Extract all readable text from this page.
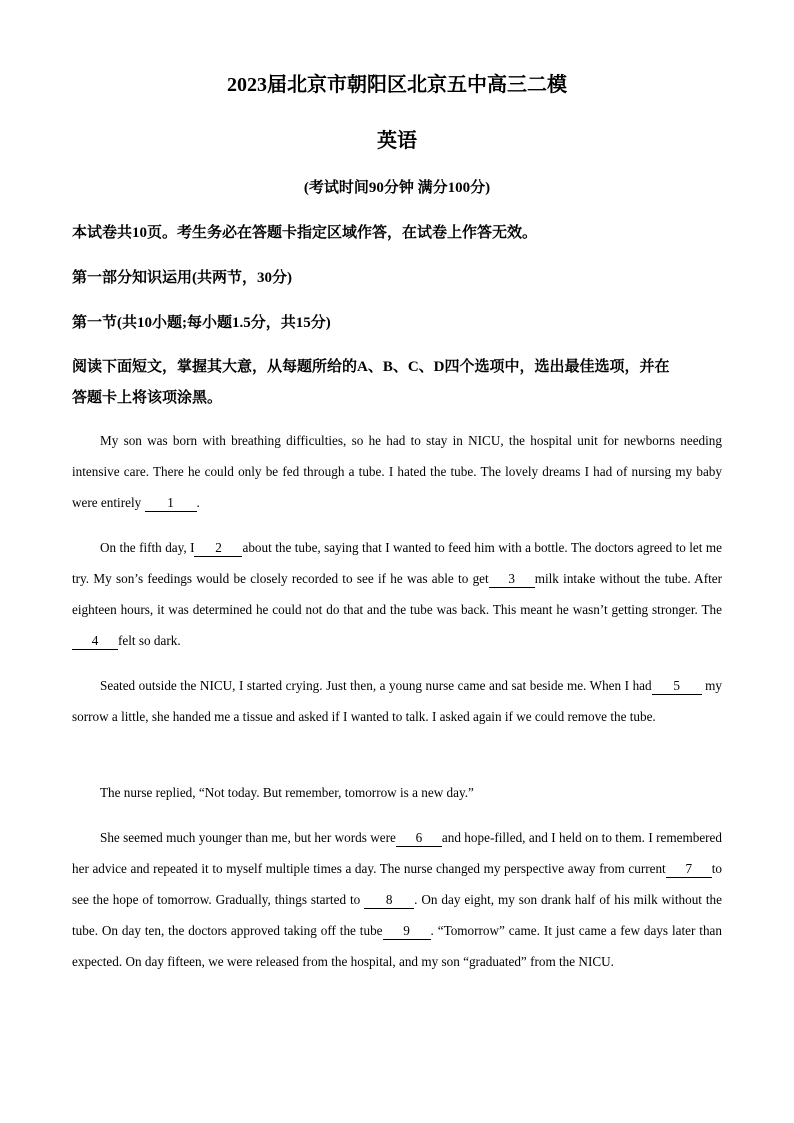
2023届北京市朝阳区北京五中高三二模
英语
(考试时间90分钟 满分100分)
本试卷共10页。考生务必在答题卡指定区域作答，在试卷上作答无效。
第一部分知识运用(共两节，30分)
第一节(共10小题;每小题1.5分，共15分)
阅读下面短文，掌握其大意，从每题所给的A、B、C、D四个选项中，选出最佳选项，并在
答题卡上将该项涂黑。
My son was born with breathing difficulties, so he had to stay in NICU, the hospital unit for newborns needing intensive care. There he could only be fed through a tube. I hated the tube. The lovely dreams I had of nursing my baby were entirely 1 .
On the fifth day, I 2 about the tube, saying that I wanted to feed him with a bottle. The doctors agreed to let me try. My son’s feedings would be closely recorded to see if he was able to get 3 milk intake without the tube. After eighteen hours, it was determined he could not do that and the tube was back. This meant he wasn’t getting stronger. The4 felt so dark.
Seated outside the NICU, I started crying. Just then, a young nurse came and sat beside me. When I had 5 my sorrow a little, she handed me a tissue and asked if I wanted to talk. I asked again if we could remove the tube.
The nurse replied, “Not today. But remember, tomorrow is a new day.”
She seemed much younger than me, but her words were 6 and hope-filled, and I held on to them. I remembered her advice and repeated it to myself multiple times a day. The nurse changed my perspective away from current 7 to see the hope of tomorrow. Gradually, things started to 8 . On day eight, my son drank half of his milk without the tube. On day ten, the doctors approved taking off the tube 9 . “Tomorrow” came. It just came a few days later than expected. On day fifteen, we were released from the hospital, and my son “graduated” from the NICU.
